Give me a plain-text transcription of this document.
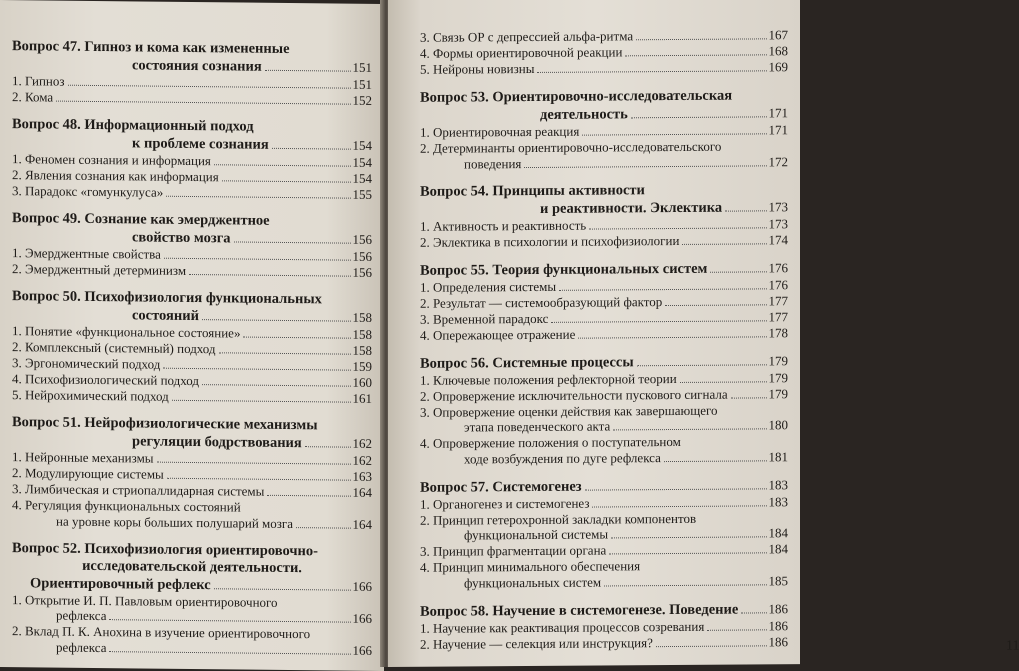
Вопрос 47. Гипноз и кома как измененные
состояния сознания	151
1. Гипноз	151
2. Кома	152
Вопрос 48. Информационный подход
к проблеме сознания	154
1. Феномен сознания и информация	154
2. Явления сознания как информация	154
3. Парадокс «гомункулуса»	155
Вопрос 49. Сознание как эмерджентное
свойство мозга	156
1. Эмерджентные свойства	156
2. Эмерджентный детерминизм	156
Вопрос 50. Психофизиология функциональных
состояний	158
1. Понятие «функциональное состояние»	158
2. Комплексный (системный) подход	158
3. Эргономический подход	159
4. Психофизиологический подход	160
5. Нейрохимический подход	161
Вопрос 51. Нейрофизиологические механизмы
регуляции бодрствования	162
1. Нейронные механизмы	162
2. Модулирующие системы	163
3. Лимбическая и стриопаллидарная системы	164
4. Регуляция функциональных состояний
на уровне коры больших полушарий мозга	164
Вопрос 52. Психофизиология ориентировочно-
исследовательской деятельности.
Ориентировочный рефлекс	166
1. Открытие И. П. Павловым ориентировочного
рефлекса	166
2. Вклад П. К. Анохина в изучение ориентировочного
рефлекса	166
3. Связь ОР с депрессией альфа-ритма	167
4. Формы ориентировочной реакции	168
5. Нейроны новизны	169
Вопрос 53. Ориентировочно-исследовательская
деятельность	171
1. Ориентировочная реакция	171
2. Детерминанты ориентировочно-исследовательского
поведения	172
Вопрос 54. Принципы активности
и реактивности. Эклектика	173
1. Активность и реактивность	173
2. Эклектика в психологии и психофизиологии	174
Вопрос 55. Теория функциональных систем	176
1. Определения системы	176
2. Результат — системообразующий фактор	177
3. Временной парадокс	177
4. Опережающее отражение	178
Вопрос 56. Системные процессы	179
1. Ключевые положения рефлекторной теории	179
2. Опровержение исключительности пускового сигнала	179
3. Опровержение оценки действия как завершающего
этапа поведенческого акта	180
4. Опровержение положения о поступательном
ходе возбуждения по дуге рефлекса	181
Вопрос 57. Системогенез	183
1. Органогенез и системогенез	183
2. Принцип гетерохронной закладки компонентов
функциональной системы	184
3. Принцип фрагментации органа	184
4. Принцип минимального обеспечения
функциональных систем	185
Вопрос 58. Научение в системогенезе. Поведение 186
1. Научение как реактивация процессов созревания	186
2. Научение — селекция или инструкция?	186	11
